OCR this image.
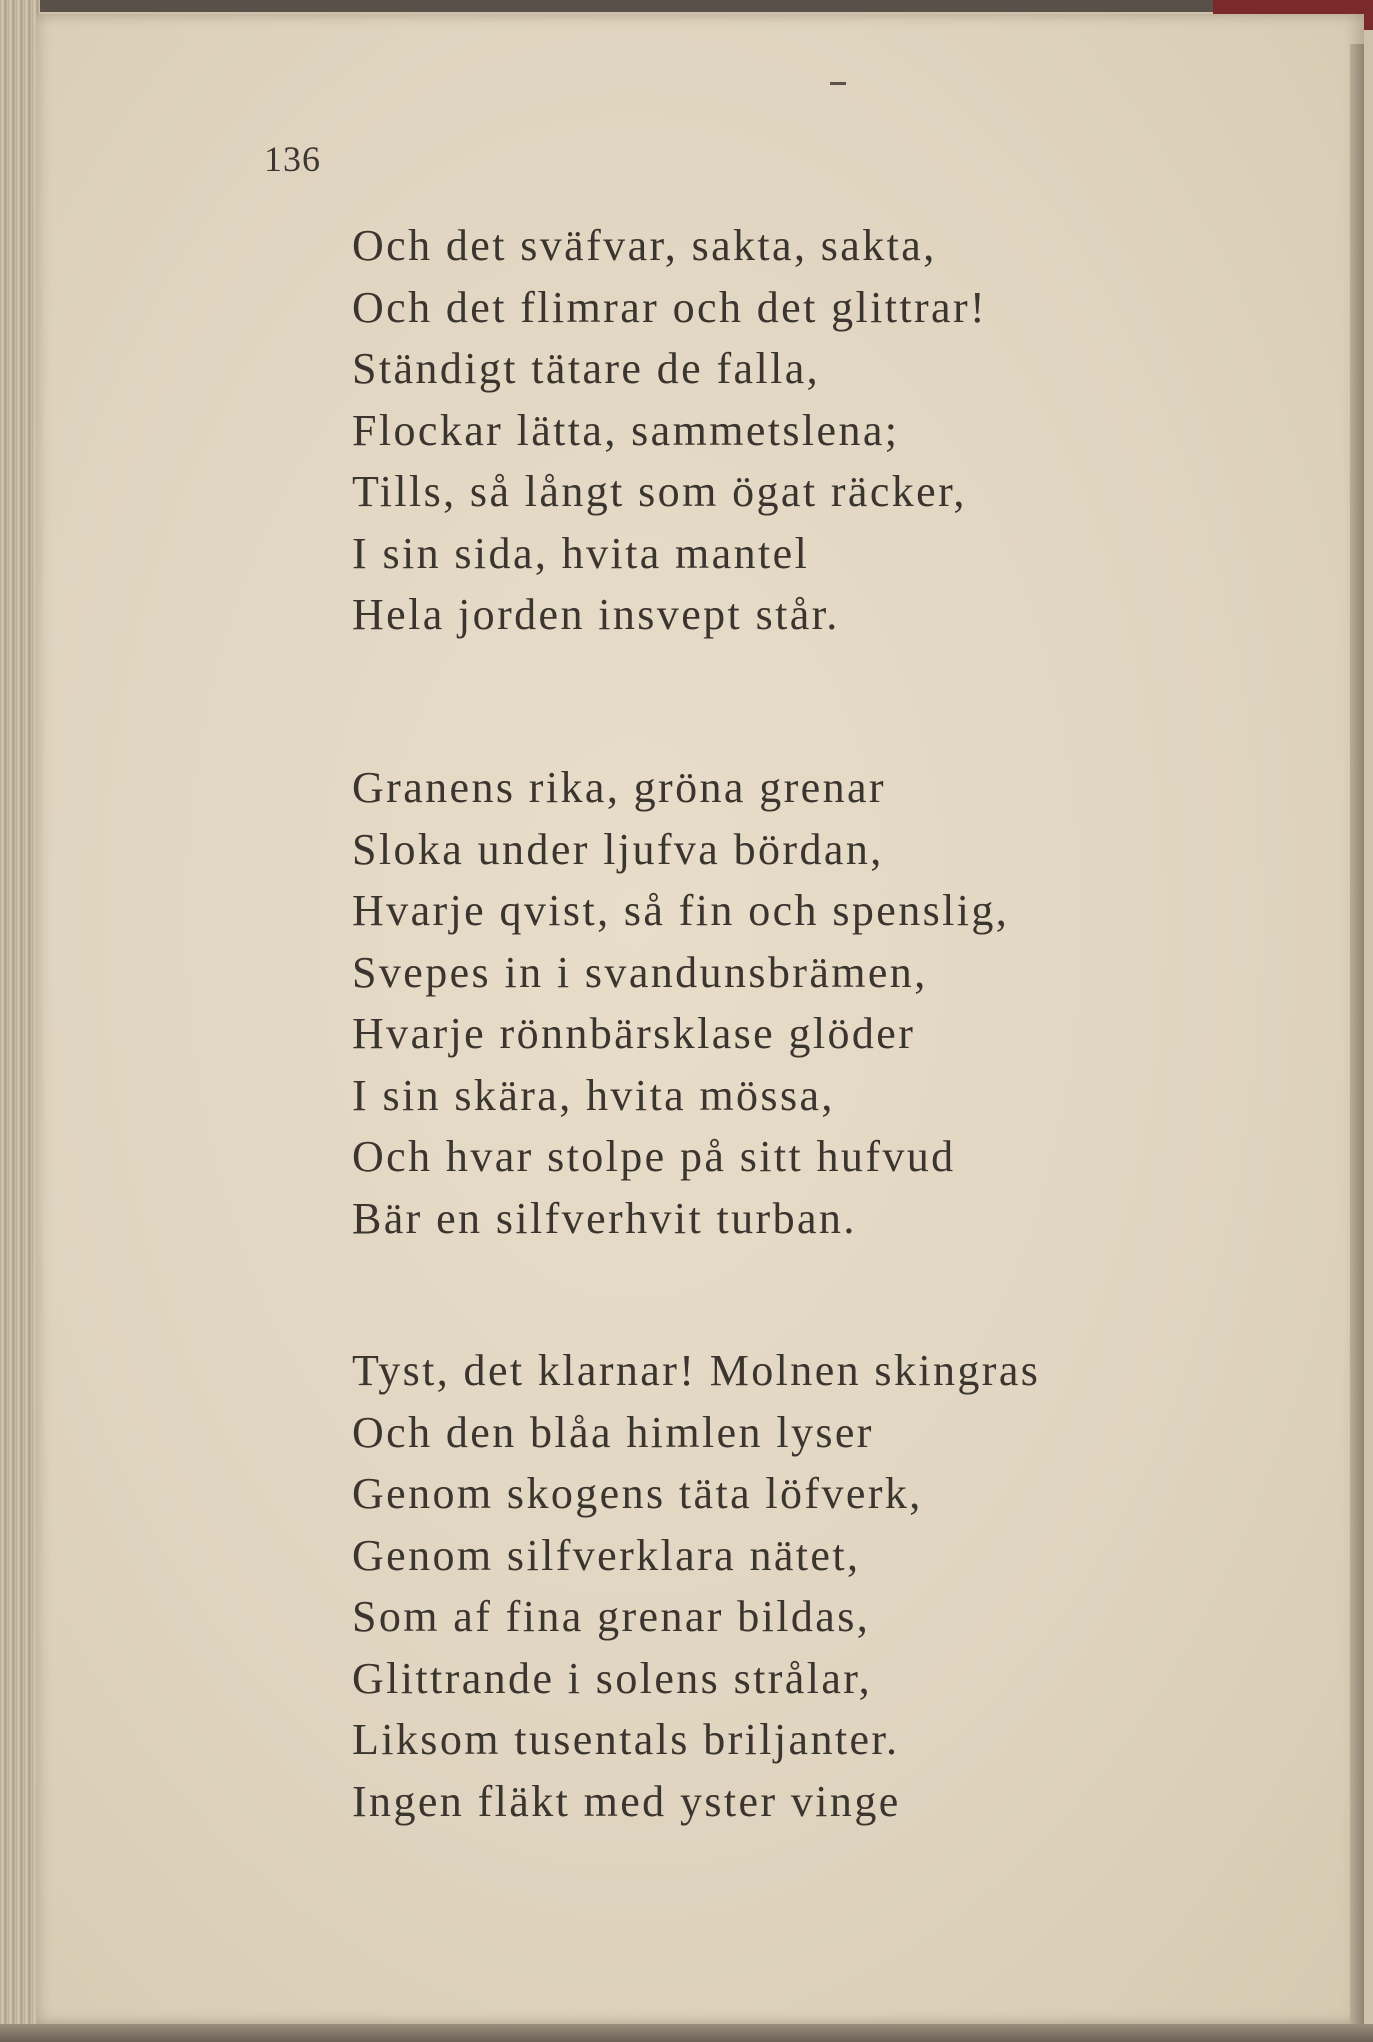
136
Och det sväfvar, sakta, sakta,
Och det flimrar och det glittrar!
Ständigt tätare de falla,
Flockar lätta, sammetslena;
Tills, så långt som ögat räcker,
I sin sida, hvita mantel
Hela jorden insvept står.
Granens rika, gröna grenar
Sloka under ljufva bördan,
Hvarje qvist, så fin och spenslig,
Svepes in i svandunsbrämen,
Hvarje rönnbärsklase glöder
I sin skära, hvita mössa,
Och hvar stolpe på sitt hufvud
Bär en silfverhvit turban.
Tyst, det klarnar! Molnen skingras
Och den blåa himlen lyser
Genom skogens täta löfverk,
Genom silfverklara nätet,
Som af fina grenar bildas,
Glittrande i solens strålar,
Liksom tusentals briljanter.
Ingen fläkt med yster vinge
